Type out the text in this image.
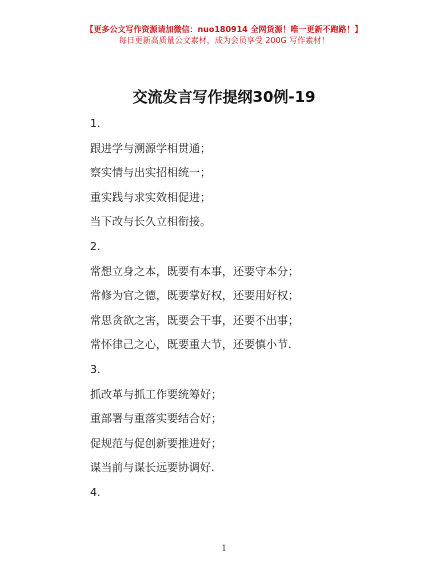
【更多公文写作资源请加微信：nuo180914 全网货源！唯一更新不跑路！】
每日更新高质量公文素材，成为会员享受 200G 写作素材！
交流发言写作提纲30例-19
1.
跟进学与溯源学相贯通；
察实情与出实招相统一；
重实践与求实效相促进；
当下改与长久立相衔接。
2.
常想立身之本，既要有本事，还要守本分；
常修为官之德，既要掌好权，还要用好权；
常思贪欲之害，既要会干事，还要不出事；
常怀律己之心，既要重大节，还要慎小节.
3.
抓改革与抓工作要统筹好；
重部署与重落实要结合好；
促规范与促创新要推进好；
谋当前与谋长远要协调好.
4.
1
